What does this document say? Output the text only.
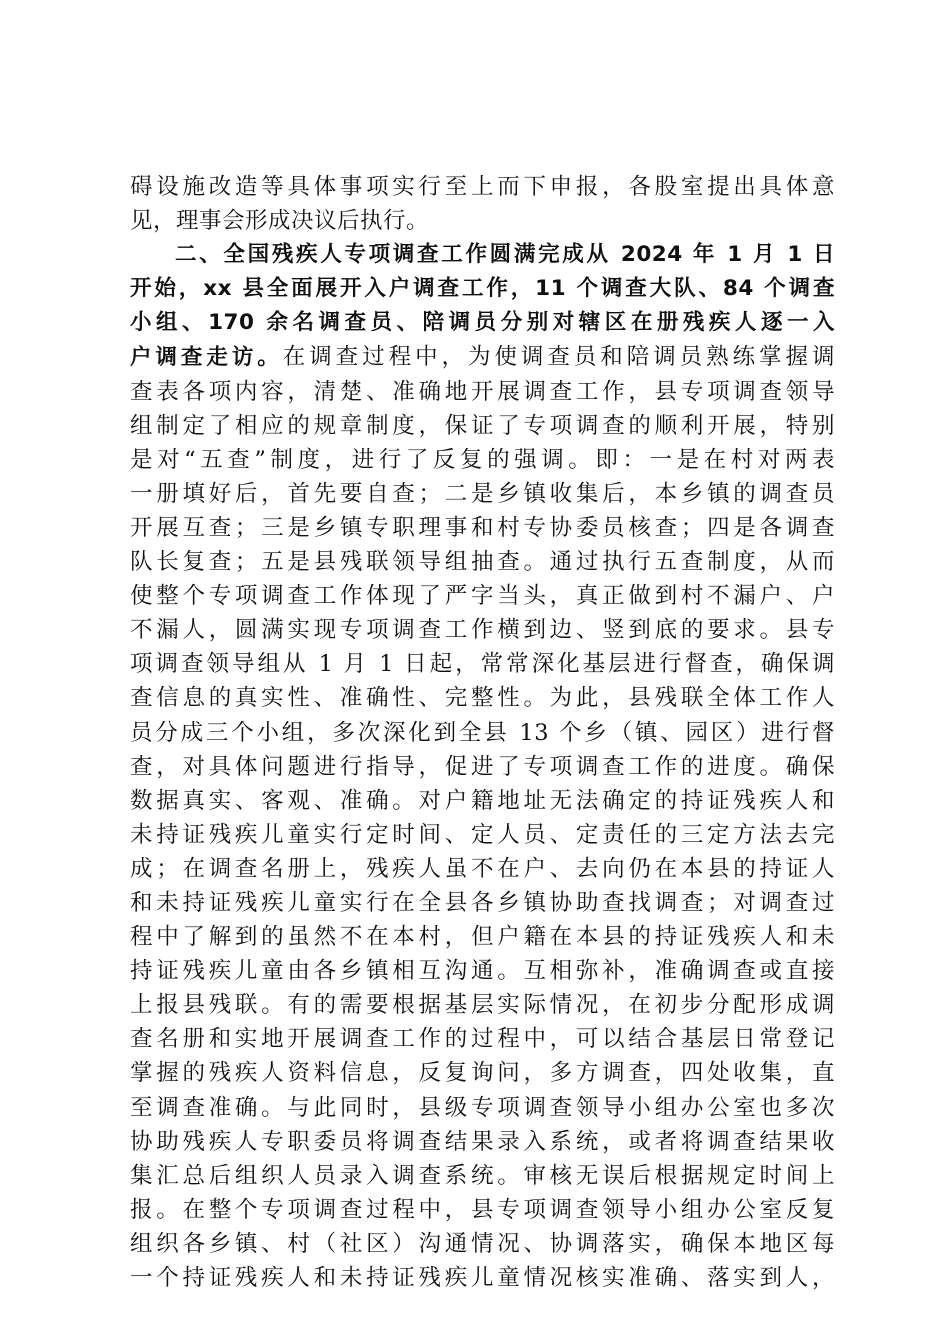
碍设施改造等具体事项实行至上而下申报，各股室提出具体意
见，理事会形成决议后执行。
二、全国残疾人专项调查工作圆满完成从 2024 年 1 月 1 日
开始，xx 县全面展开入户调查工作，11 个调查大队、84 个调查
小组、170 余名调查员、陪调员分别对辖区在册残疾人逐一入
户调查走访。在调查过程中，为使调查员和陪调员熟练掌握调
查表各项内容，清楚、准确地开展调查工作，县专项调查领导
组制定了相应的规章制度，保证了专项调查的顺利开展，特别
是对“五查”制度，进行了反复的强调。即：一是在村对两表
一册填好后，首先要自查；二是乡镇收集后，本乡镇的调查员
开展互查；三是乡镇专职理事和村专协委员核查；四是各调查
队长复查；五是县残联领导组抽查。通过执行五查制度，从而
使整个专项调查工作体现了严字当头，真正做到村不漏户、户
不漏人，圆满实现专项调查工作横到边、竖到底的要求。县专
项调查领导组从 1 月 1 日起，常常深化基层进行督查，确保调
查信息的真实性、准确性、完整性。为此，县残联全体工作人
员分成三个小组，多次深化到全县 13 个乡（镇、园区）进行督
查，对具体问题进行指导，促进了专项调查工作的进度。确保
数据真实、客观、准确。对户籍地址无法确定的持证残疾人和
未持证残疾儿童实行定时间、定人员、定责任的三定方法去完
成；在调查名册上，残疾人虽不在户、去向仍在本县的持证人
和未持证残疾儿童实行在全县各乡镇协助查找调查；对调查过
程中了解到的虽然不在本村，但户籍在本县的持证残疾人和未
持证残疾儿童由各乡镇相互沟通。互相弥补，准确调查或直接
上报县残联。有的需要根据基层实际情况，在初步分配形成调
查名册和实地开展调查工作的过程中，可以结合基层日常登记
掌握的残疾人资料信息，反复询问，多方调查，四处收集，直
至调查准确。与此同时，县级专项调查领导小组办公室也多次
协助残疾人专职委员将调查结果录入系统，或者将调查结果收
集汇总后组织人员录入调查系统。审核无误后根据规定时间上
报。在整个专项调查过程中，县专项调查领导小组办公室反复
组织各乡镇、村（社区）沟通情况、协调落实，确保本地区每
一个持证残疾人和未持证残疾儿童情况核实准确、落实到人，
